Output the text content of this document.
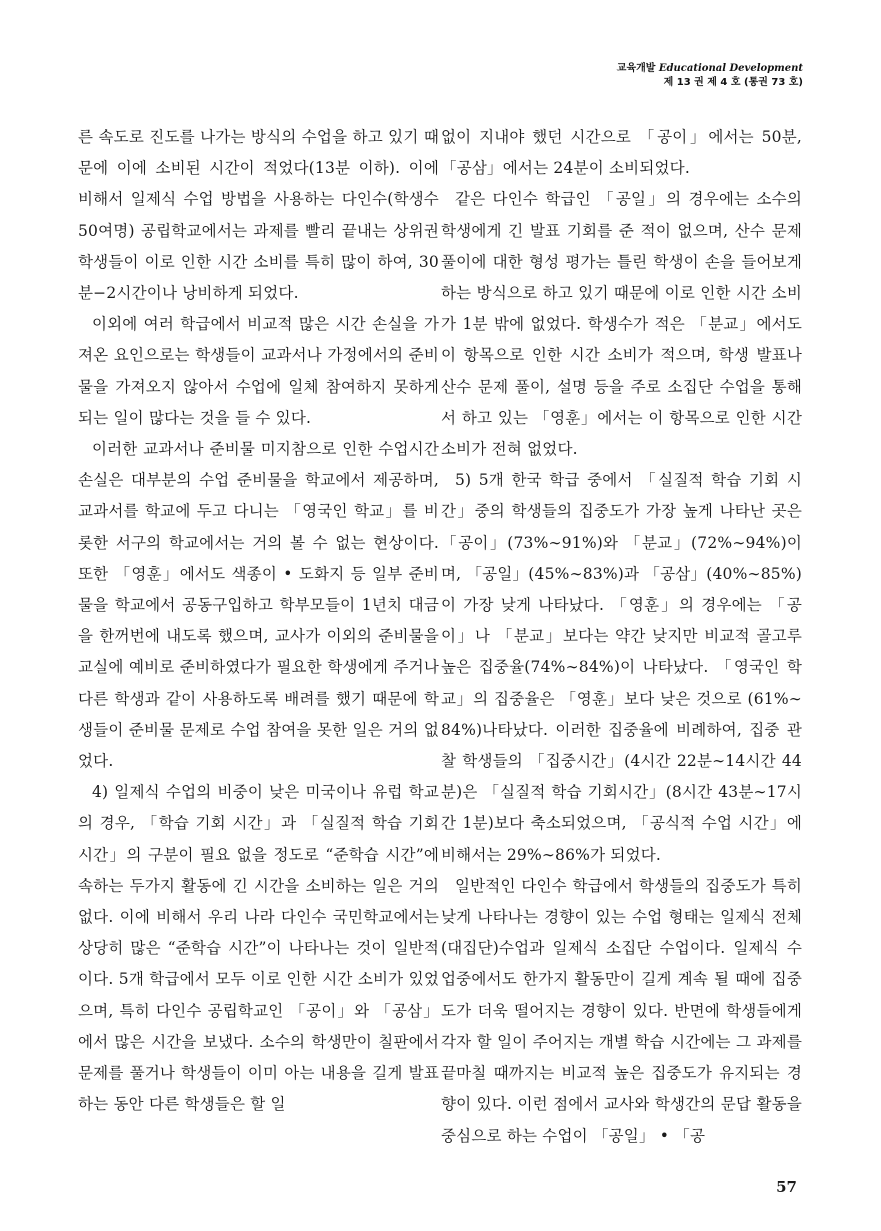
교육개발 Educational Development
제 13 권 제 4 호 (통권 73 호)

른 속도로 진도를 나가는 방식의 수업을 하고 있기 때문에 이에 소비된 시간이 적었다(13분 이하). 이에 비해서 일제식 수업 방법을 사용하는 다인수(학생수 50여명) 공립학교에서는 과제를 빨리 끝내는 상위권 학생들이 이로 인한 시간 소비를 특히 많이 하여, 30분−2시간이나 낭비하게 되었다.

이외에 여러 학급에서 비교적 많은 시간 손실을 가져온 요인으로는 학생들이 교과서나 가정에서의 준비물을 가져오지 않아서 수업에 일체 참여하지 못하게 되는 일이 많다는 것을 들 수 있다.

이러한 교과서나 준비물 미지참으로 인한 수업시간 손실은 대부분의 수업 준비물을 학교에서 제공하며, 교과서를 학교에 두고 다니는 「영국인 학교」를 비롯한 서구의 학교에서는 거의 볼 수 없는 현상이다. 또한 「영훈」에서도 색종이 • 도화지 등 일부 준비물을 학교에서 공동구입하고 학부모들이 1년치 대금을 한꺼번에 내도록 했으며, 교사가 이외의 준비물을 교실에 예비로 준비하였다가 필요한 학생에게 주거나 다른 학생과 같이 사용하도록 배려를 했기 때문에 학생들이 준비물 문제로 수업 참여을 못한 일은 거의 없었다.

4) 일제식 수업의 비중이 낮은 미국이나 유럽 학교의 경우, 「학습 기회 시간」과 「실질적 학습 기회 시간」의 구분이 필요 없을 정도로 “준학습 시간”에 속하는 두가지 활동에 긴 시간을 소비하는 일은 거의 없다. 이에 비해서 우리 나라 다인수 국민학교에서는 상당히 많은 “준학습 시간”이 나타나는 것이 일반적이다. 5개 학급에서 모두 이로 인한 시간 소비가 있었으며, 특히 다인수 공립학교인 「공이」와 「공삼」에서 많은 시간을 보냈다. 소수의 학생만이 칠판에서 문제를 풀거나 학생들이 이미 아는 내용을 길게 발표하는 동안 다른 학생들은 할 일

없이 지내야 했던 시간으로 「공이」에서는 50분, 「공삼」에서는 24분이 소비되었다.

같은 다인수 학급인 「공일」의 경우에는 소수의 학생에게 긴 발표 기회를 준 적이 없으며, 산수 문제 풀이에 대한 형성 평가는 틀린 학생이 손을 들어보게 하는 방식으로 하고 있기 때문에 이로 인한 시간 소비가 1분 밖에 없었다. 학생수가 적은 「분교」에서도 이 항목으로 인한 시간 소비가 적으며, 학생 발표나 산수 문제 풀이, 설명 등을 주로 소집단 수업을 통해서 하고 있는 「영훈」에서는 이 항목으로 인한 시간 소비가 전혀 없었다.

5) 5개 한국 학급 중에서 「실질적 학습 기회 시간」중의 학생들의 집중도가 가장 높게 나타난 곳은 「공이」(73%∼91%)와 「분교」(72%∼94%)이며, 「공일」(45%∼83%)과 「공삼」(40%∼85%)이 가장 낮게 나타났다. 「영훈」의 경우에는 「공이」나 「분교」보다는 약간 낮지만 비교적 골고루 높은 집중율(74%∼84%)이 나타났다. 「영국인 학교」의 집중율은 「영훈」보다 낮은 것으로 (61%∼84%)나타났다. 이러한 집중율에 비례하여, 집중 관찰 학생들의 「집중시간」(4시간 22분∼14시간 44분)은 「실질적 학습 기회시간」(8시간 43분∼17시간 1분)보다 축소되었으며, 「공식적 수업 시간」에 비해서는 29%∼86%가 되었다.

일반적인 다인수 학급에서 학생들의 집중도가 특히 낮게 나타나는 경향이 있는 수업 형태는 일제식 전체(대집단)수업과 일제식 소집단 수업이다. 일제식 수업중에서도 한가지 활동만이 길게 계속 될 때에 집중도가 더욱 떨어지는 경향이 있다. 반면에 학생들에게 각자 할 일이 주어지는 개별 학습 시간에는 그 과제를 끝마칠 때까지는 비교적 높은 집중도가 유지되는 경향이 있다. 이런 점에서 교사와 학생간의 문답 활동을 중심으로 하는 수업이 「공일」 • 「공

57
